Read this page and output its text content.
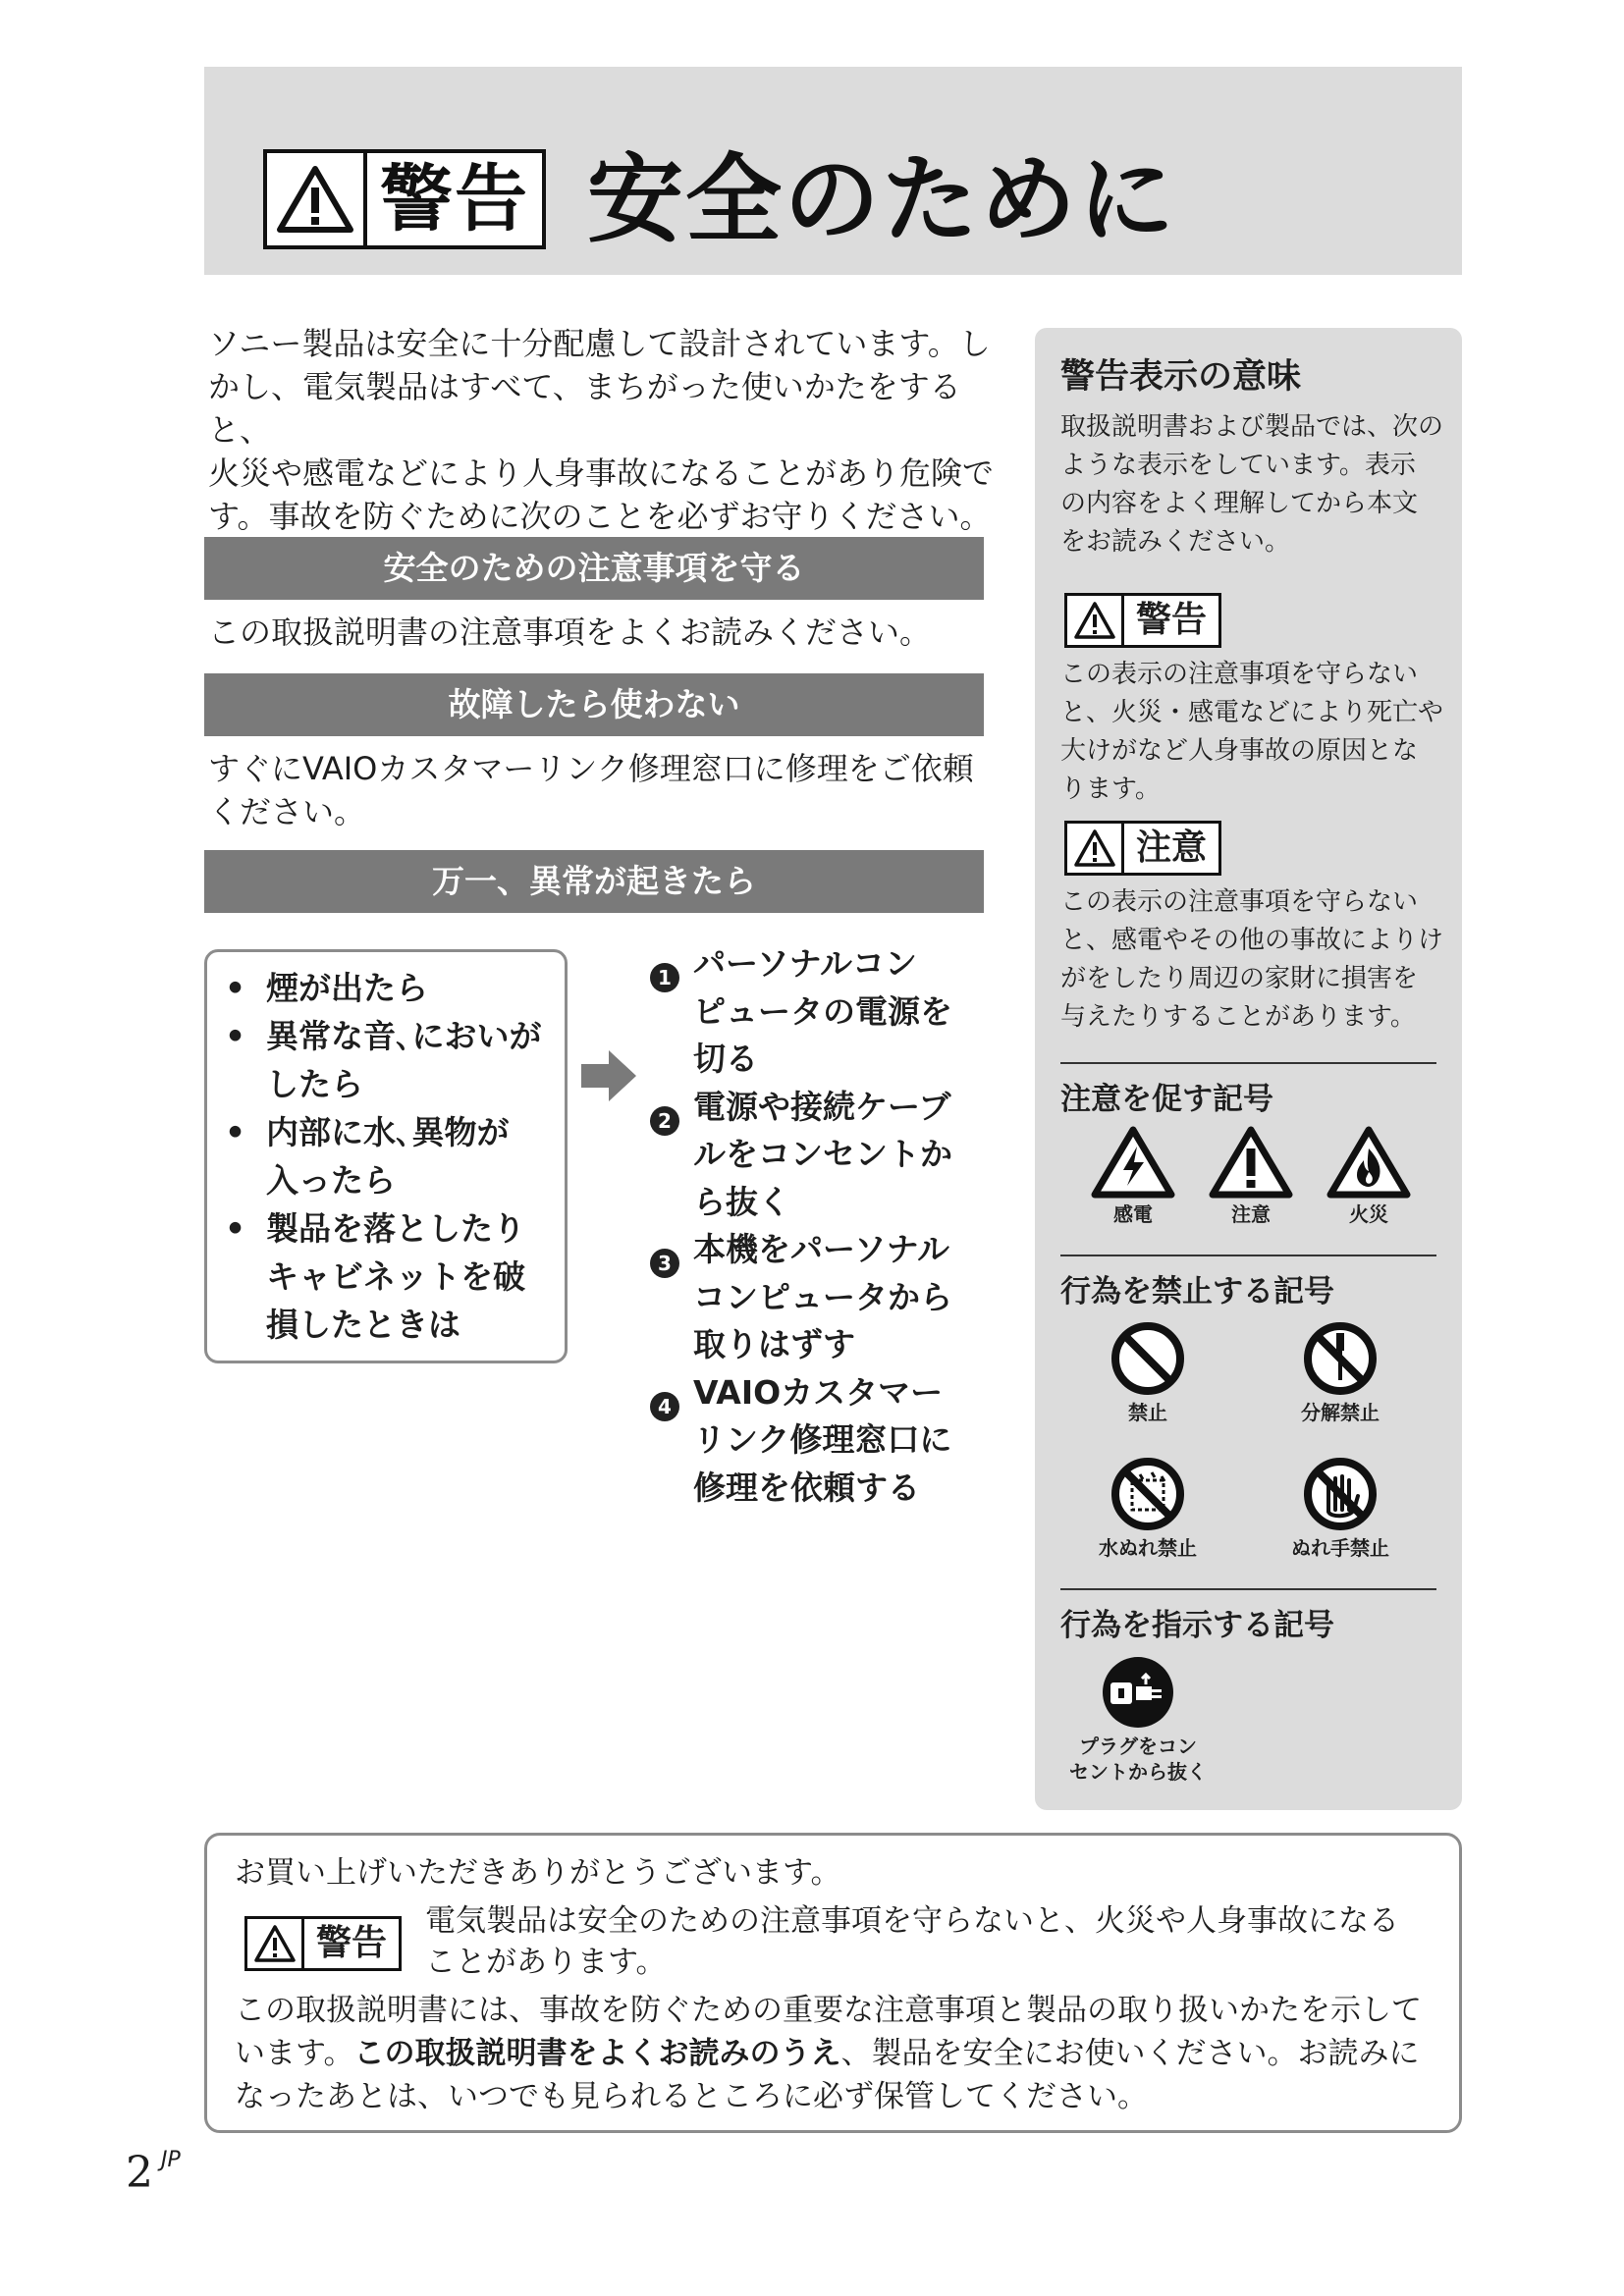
警告 安全のために
ソニー製品は安全に十分配慮して設計されています。し
かし、電気製品はすべて、まちがった使いかたをすると、
火災や感電などにより人身事故になることがあり危険で
す。事故を防ぐために次のことを必ずお守りください。
安全のための注意事項を守る
この取扱説明書の注意事項をよくお読みください。
故障したら使わない
すぐにVAIOカスタマーリンク修理窓口に修理をご依頼
ください。
万一、異常が起きたら
• 煙が出たら
• 異常な音､においが
したら
• 内部に水､異物が
入ったら
• 製品を落としたり
キャビネットを破
損したときは
1 パーソナルコン
ピュータの電源を
切る
2 電源や接続ケーブ
ルをコンセントか
ら抜く
3 本機をパーソナル
コンピュータから
取りはずす
4 VAIOカスタマー
リンク修理窓口に
修理を依頼する
警告表示の意味
取扱説明書および製品では、次の
ような表示をしています。表示
の内容をよく理解してから本文
をお読みください。
警告
この表示の注意事項を守らない
と、火災・感電などにより死亡や
大けがなど人身事故の原因とな
ります。
注意
この表示の注意事項を守らない
と、感電やその他の事故によりけ
がをしたり周辺の家財に損害を
与えたりすることがあります。
注意を促す記号
感電	注意	火災
行為を禁止する記号
禁止	分解禁止
水ぬれ禁止	ぬれ手禁止
行為を指示する記号
プラグをコン
セントから抜く
お買い上げいただきありがとうございます。
警告
電気製品は安全のための注意事項を守らないと、火災や人身事故になる
ことがあります。
この取扱説明書には、事故を防ぐための重要な注意事項と製品の取り扱いかたを示して
います。この取扱説明書をよくお読みのうえ、製品を安全にお使いください。お読みに
なったあとは、いつでも見られるところに必ず保管してください。
2 $^{JP}$
